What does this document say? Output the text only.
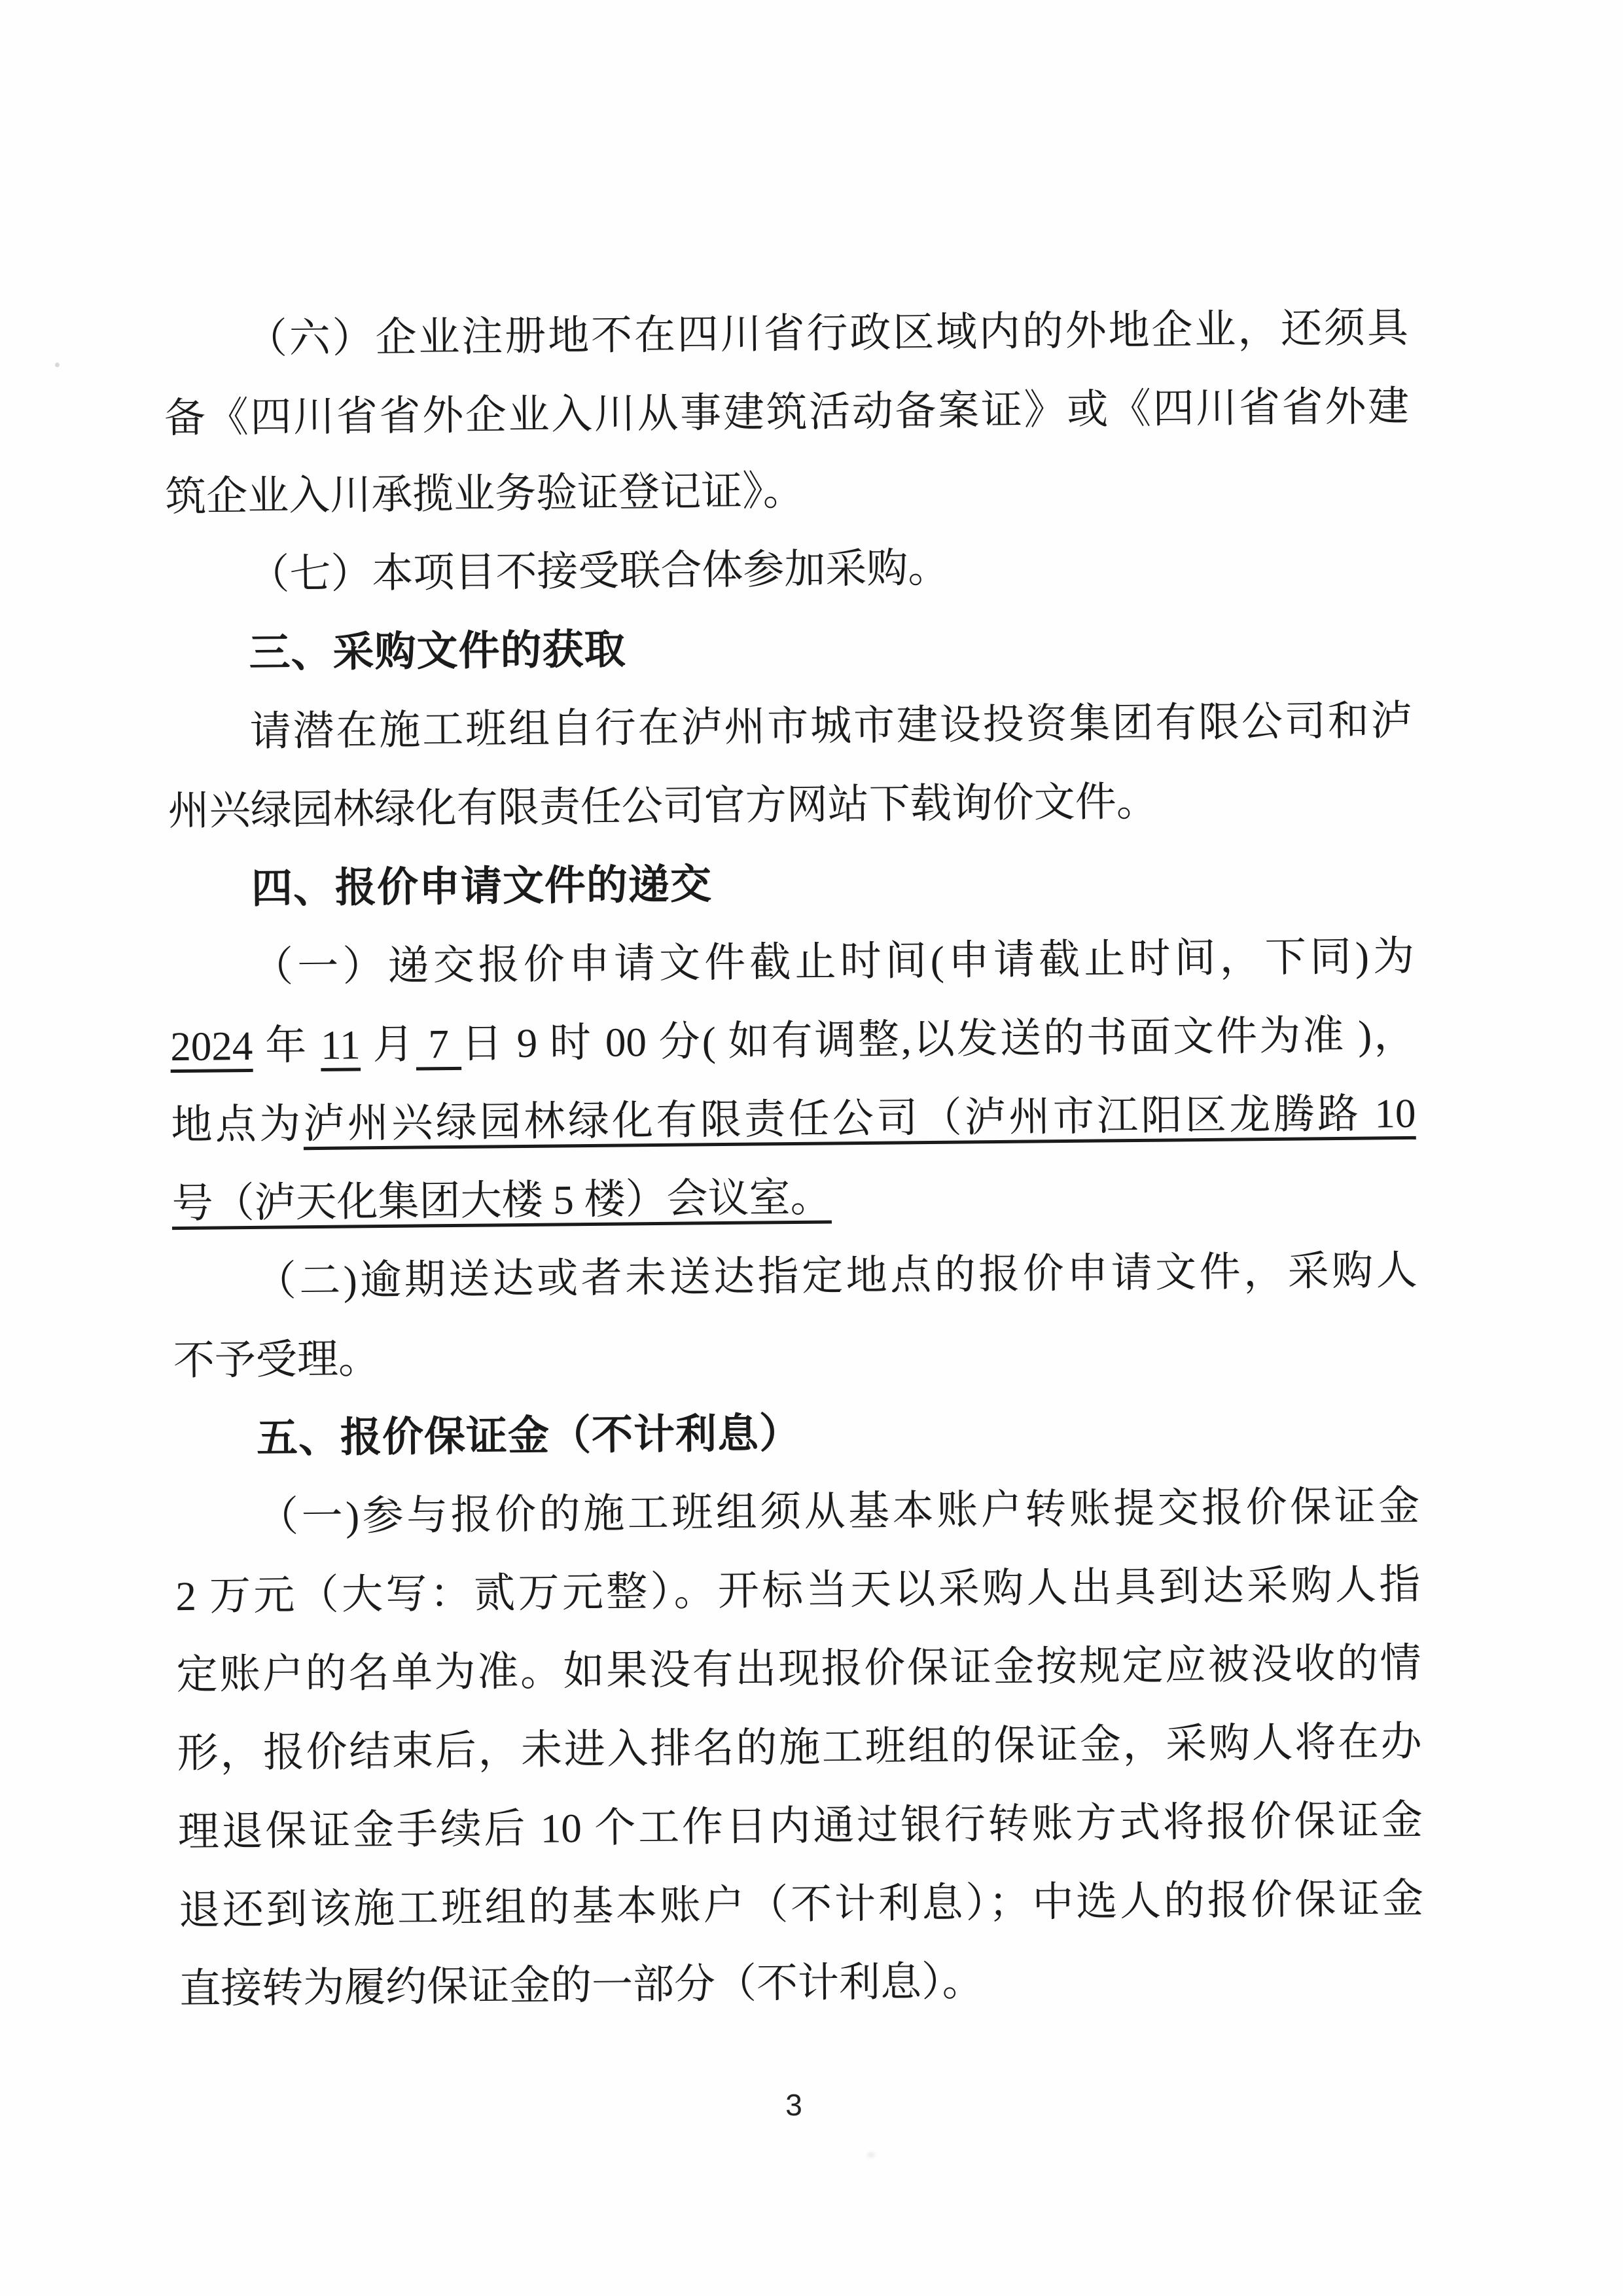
（六）企业注册地不在四川省行政区域内的外地企业，还须具
备《四川省省外企业入川从事建筑活动备案证》或《四川省省外建
筑企业入川承揽业务验证登记证》。
（七）本项目不接受联合体参加采购。
三、采购文件的获取
请潜在施工班组自行在泸州市城市建设投资集团有限公司和泸
州兴绿园林绿化有限责任公司官方网站下载询价文件。
四、报价申请文件的递交
（一）递交报价申请文件截止时间(申请截止时间，下同)为
2024 年 11 月 7 日 9 时 00 分( 如有调整,以发送的书面文件为准 )，
地点为泸州兴绿园林绿化有限责任公司（泸州市江阳区龙腾路 10
号（泸天化集团大楼 5 楼）会议室。
（二)逾期送达或者未送达指定地点的报价申请文件，采购人
不予受理。
五、报价保证金（不计利息）
（一)参与报价的施工班组须从基本账户转账提交报价保证金
2 万元（大写：贰万元整）。开标当天以采购人出具到达采购人指
定账户的名单为准。如果没有出现报价保证金按规定应被没收的情
形，报价结束后，未进入排名的施工班组的保证金，采购人将在办
理退保证金手续后 10 个工作日内通过银行转账方式将报价保证金
退还到该施工班组的基本账户（不计利息）；中选人的报价保证金
直接转为履约保证金的一部分（不计利息）。
3
